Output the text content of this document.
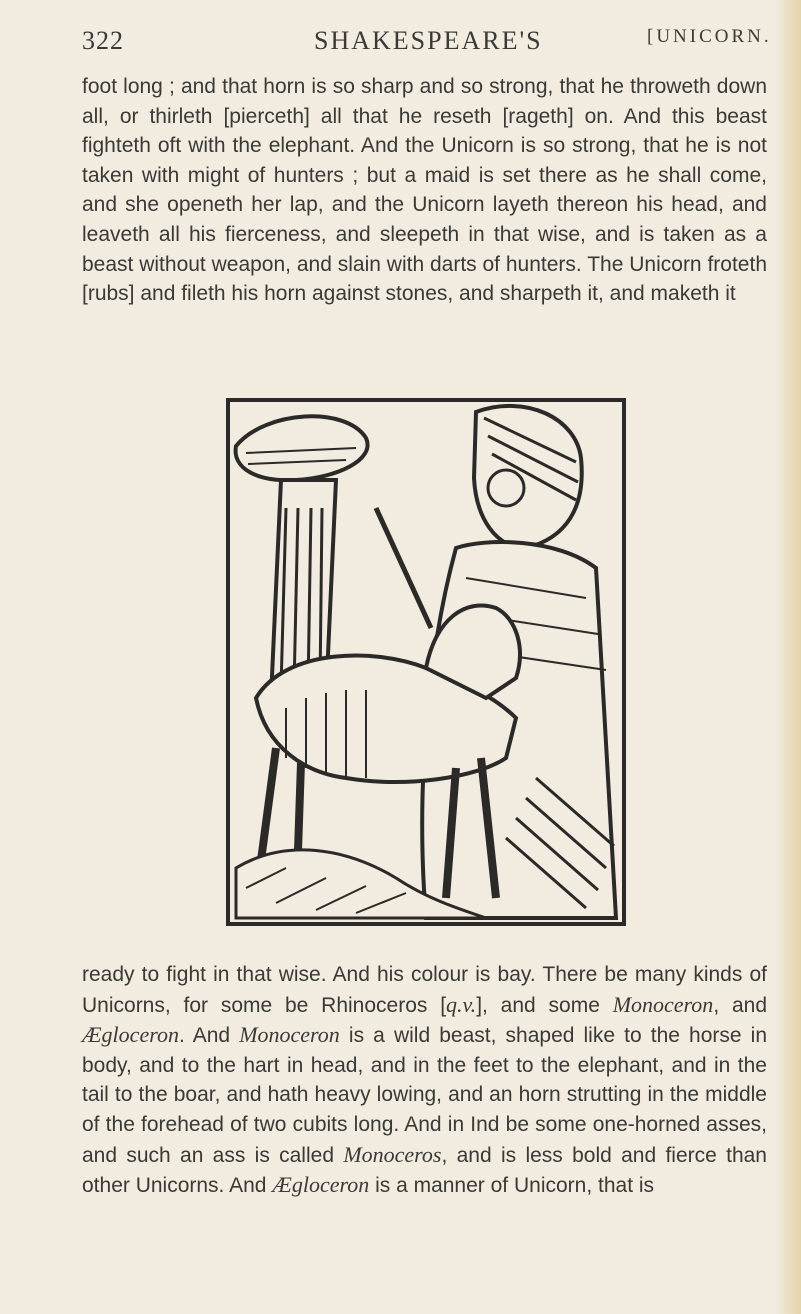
322	SHAKESPEARE'S	[UNICORN.

foot long ; and that horn is so sharp and so strong, that he throweth down all, or thirleth [pierceth] all that he reseth [rageth] on. And this beast fighteth oft with the elephant. And the Unicorn is so strong, that he is not taken with might of hunters ; but a maid is set there as he shall come, and she openeth her lap, and the Unicorn layeth thereon his head, and leaveth all his fierceness, and sleepeth in that wise, and is taken as a beast without weapon, and slain with darts of hunters. The Unicorn froteth [rubs] and fileth his horn against stones, and sharpeth it, and maketh it

ready to fight in that wise. And his colour is bay. There be many kinds of Unicorns, for some be Rhinoceros [q.v.], and some Monoceron, and Ægloceron. And Monoceron is a wild beast, shaped like to the horse in body, and to the hart in head, and in the feet to the elephant, and in the tail to the boar, and hath heavy lowing, and an horn strutting in the middle of the forehead of two cubits long. And in Ind be some one-horned asses, and such an ass is called Monoceros, and is less bold and fierce than other Unicorns. And Ægloceron is a manner of Unicorn, that is
